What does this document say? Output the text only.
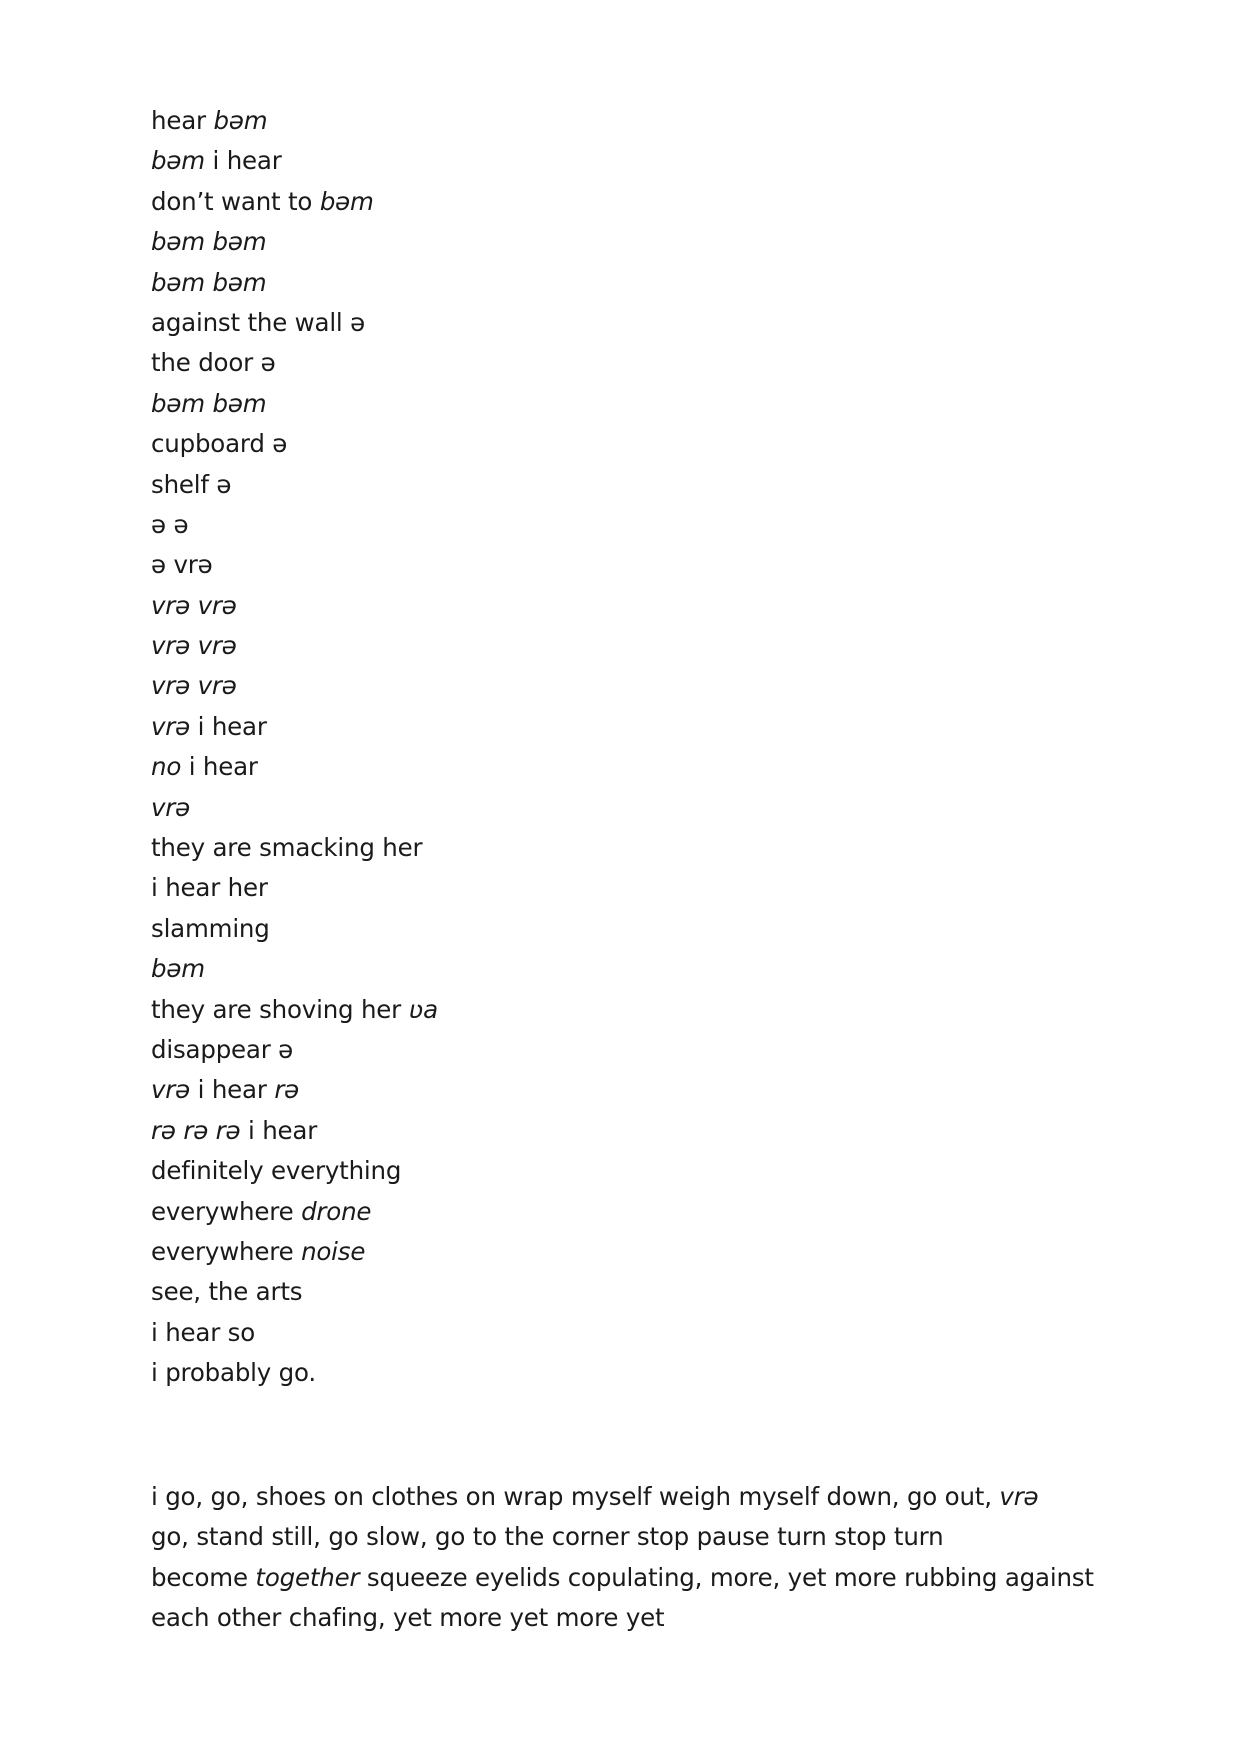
hear bəm
bəm i hear
don’t want to bəm
bəm bəm
bəm bəm
against the wall ə
the door ə
bəm bəm
cupboard ə
shelf ə
ə ə
ə vrə
vrə vrə
vrə vrə
vrə vrə
vrə i hear
no i hear
vrə
they are smacking her
i hear her
slamming
bəm
they are shoving her ʋa
disappear ə
vrə i hear rə
rə rə rə i hear
definitely everything
everywhere drone
everywhere noise
see, the arts
i hear so
i probably go.
i go, go, shoes on clothes on wrap myself weigh myself down, go out, vrə
go, stand still, go slow, go to the corner stop pause turn stop turn
become together squeeze eyelids copulating, more, yet more rubbing against
each other chafing, yet more yet more yet
